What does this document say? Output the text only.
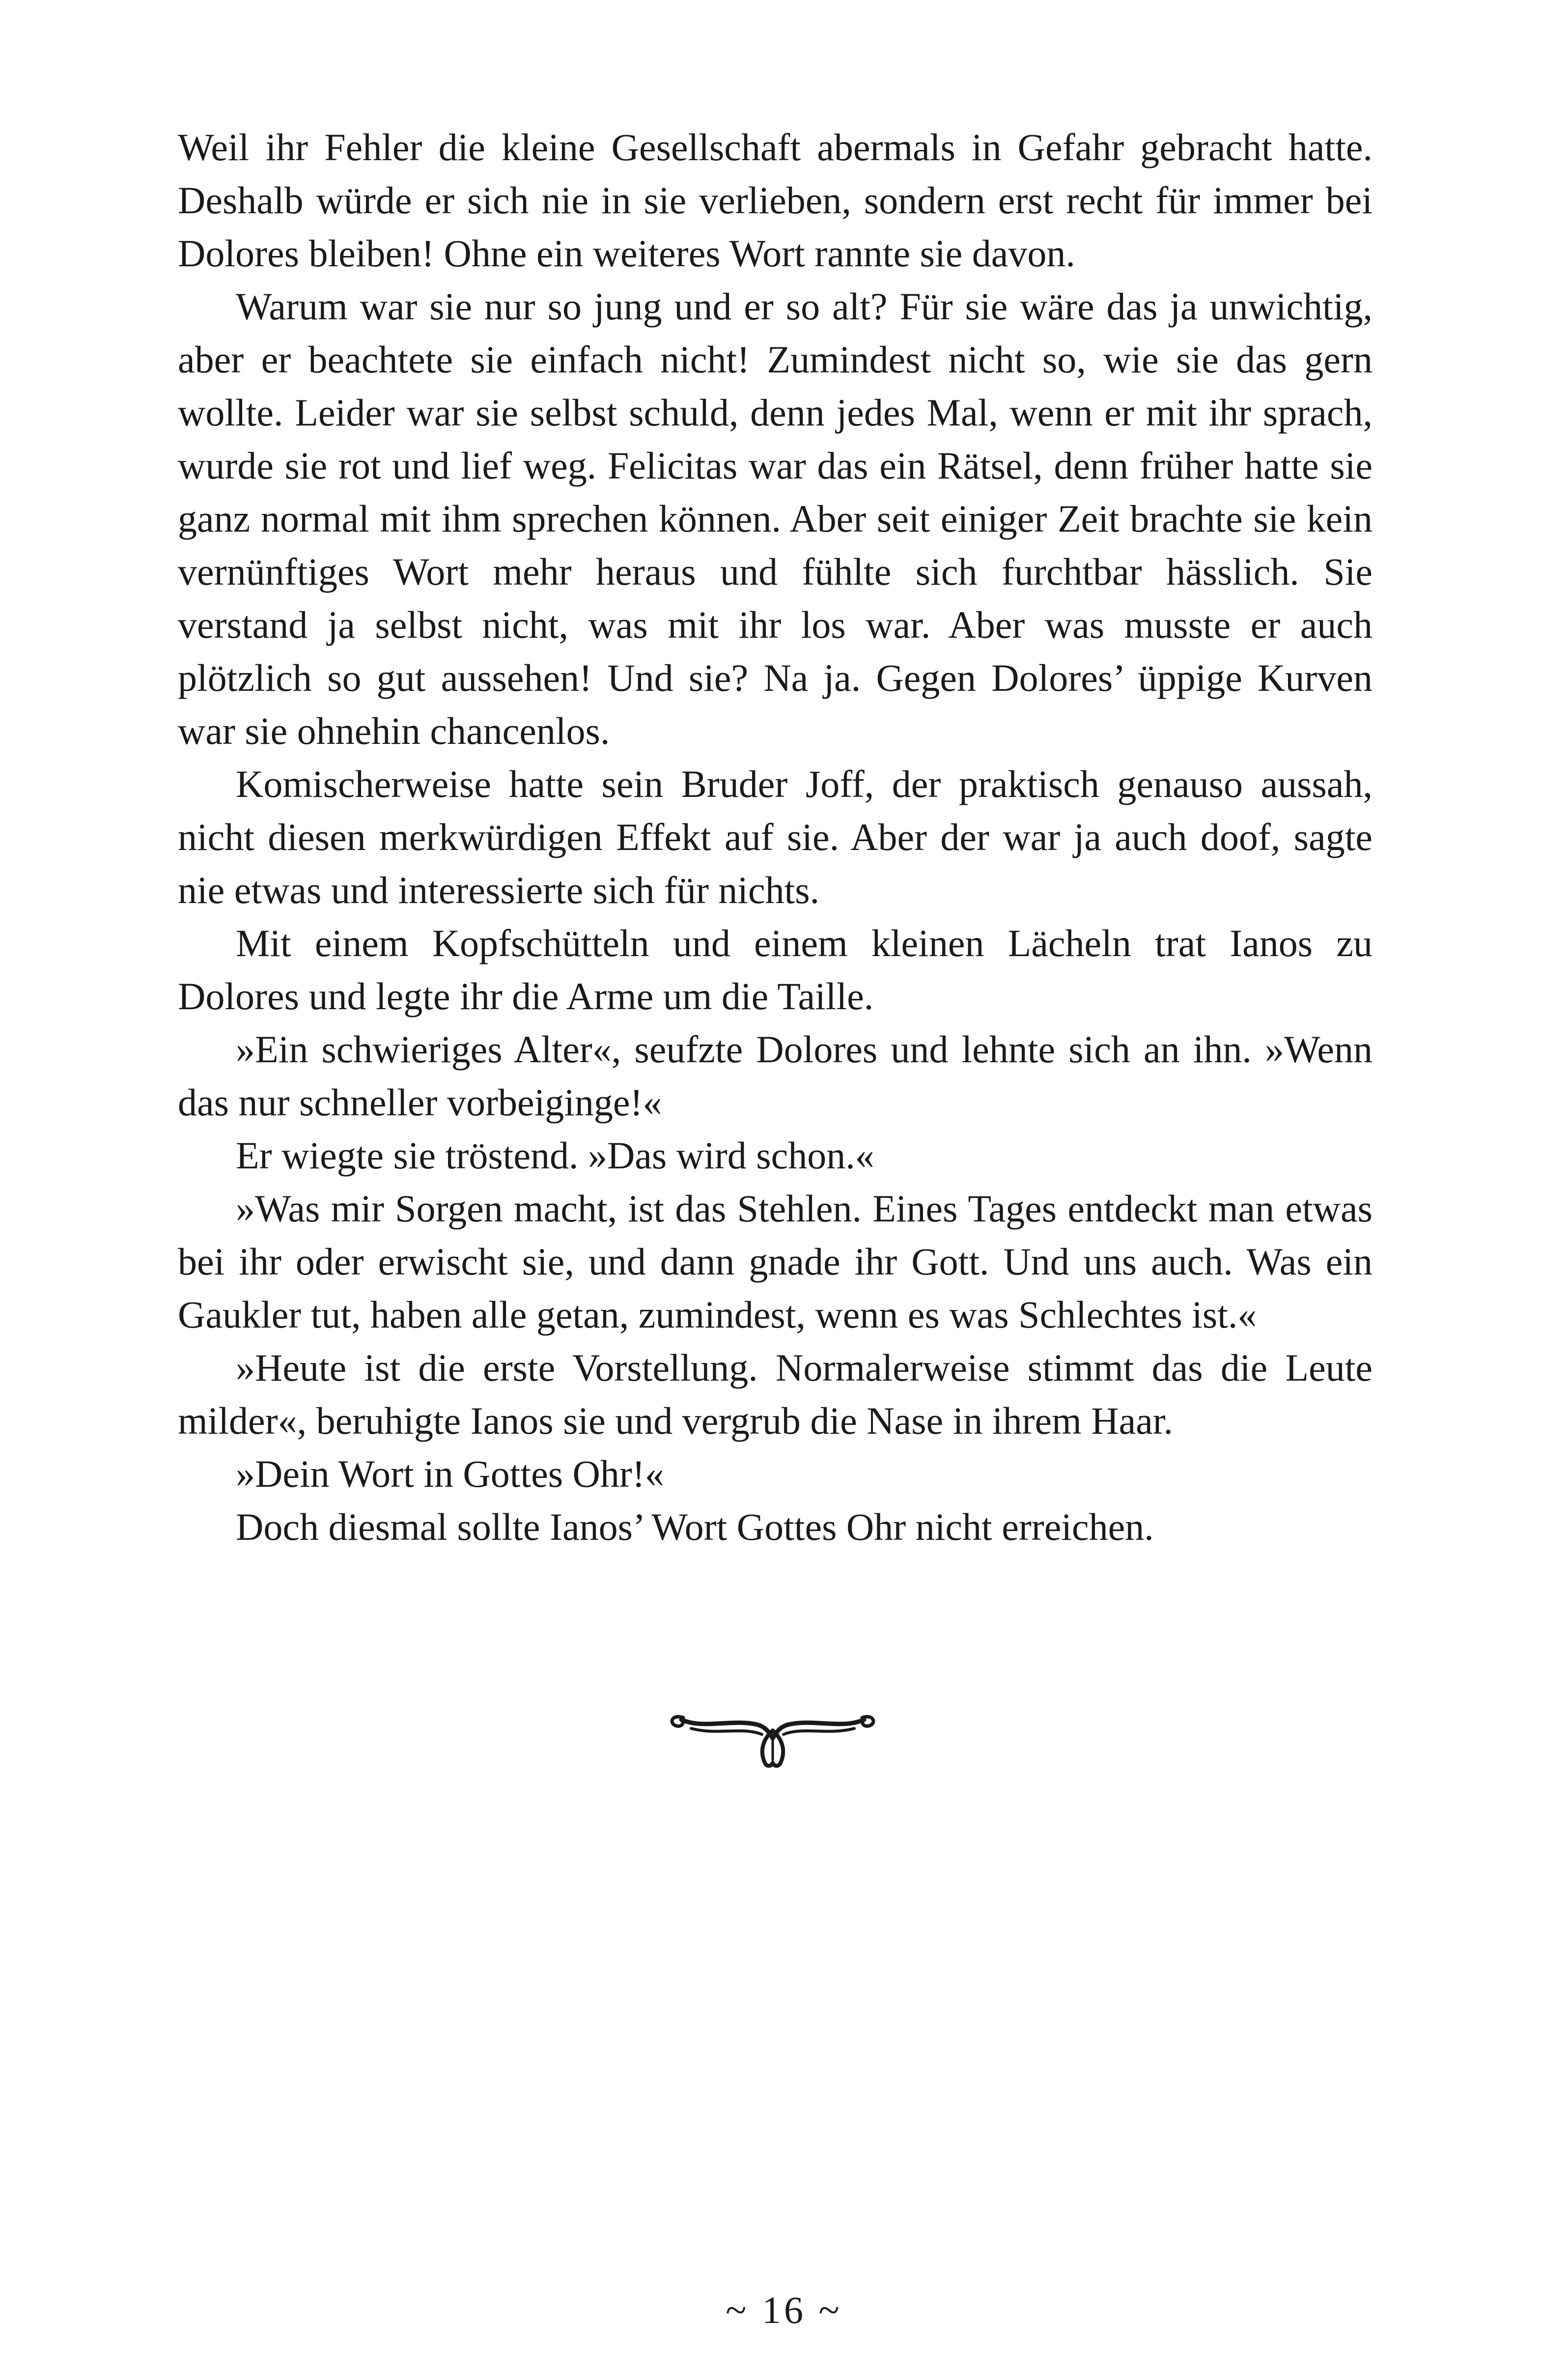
Weil ihr Fehler die kleine Gesellschaft abermals in Gefahr gebracht hatte. Deshalb würde er sich nie in sie verlieben, sondern erst recht für immer bei Dolores bleiben! Ohne ein weiteres Wort rannte sie davon.

Warum war sie nur so jung und er so alt? Für sie wäre das ja unwichtig, aber er beachtete sie einfach nicht! Zumindest nicht so, wie sie das gern wollte. Leider war sie selbst schuld, denn jedes Mal, wenn er mit ihr sprach, wurde sie rot und lief weg. Felicitas war das ein Rätsel, denn früher hatte sie ganz normal mit ihm sprechen können. Aber seit einiger Zeit brachte sie kein vernünftiges Wort mehr heraus und fühlte sich furchtbar hässlich. Sie verstand ja selbst nicht, was mit ihr los war. Aber was musste er auch plötzlich so gut aussehen! Und sie? Na ja. Gegen Dolores’ üppige Kurven war sie ohnehin chancenlos.

Komischerweise hatte sein Bruder Joff, der praktisch genauso aussah, nicht diesen merkwürdigen Effekt auf sie. Aber der war ja auch doof, sagte nie etwas und interessierte sich für nichts.

Mit einem Kopfschütteln und einem kleinen Lächeln trat Ianos zu Dolores und legte ihr die Arme um die Taille.

»Ein schwieriges Alter«, seufzte Dolores und lehnte sich an ihn. »Wenn das nur schneller vorbeiginge!«

Er wiegte sie tröstend. »Das wird schon.«

»Was mir Sorgen macht, ist das Stehlen. Eines Tages entdeckt man etwas bei ihr oder erwischt sie, und dann gnade ihr Gott. Und uns auch. Was ein Gaukler tut, haben alle getan, zumindest, wenn es was Schlechtes ist.«

»Heute ist die erste Vorstellung. Normalerweise stimmt das die Leute milder«, beruhigte Ianos sie und vergrub die Nase in ihrem Haar.

»Dein Wort in Gottes Ohr!«

Doch diesmal sollte Ianos’ Wort Gottes Ohr nicht erreichen.

~ 16 ~
